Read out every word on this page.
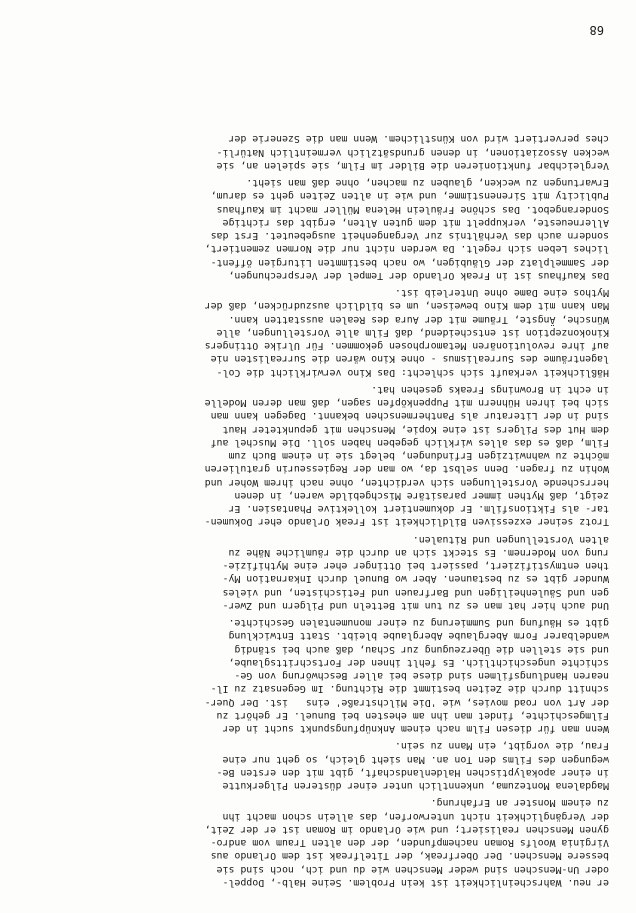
er neu. Wahrscheinlichkeit ist kein Problem. Seine Halb-, Doppel-
oder Un-Menschen sind weder Menschen wie du und ich, noch sind sie
bessere Menschen. Der Oberfreak, der Titelfreak ist dem Orlando aus
Virginia Woolfs Roman nachempfunden, der den alten Traum vom andro-
gynen Menschen realisiert; und wie Orlando im Roman ist er der Zeit,
der Vergänglichkeit nicht unterworfen, das allein schon macht ihn
zu einem Monster an Erfahrung.
Magdalena Montezuma, unkenntlich unter einer düsteren Pilgerkutte
in einer apokalyptischen Haldenlandschaft, gibt mit den ersten Be-
wegungen des Films den Ton an. Man sieht gleich, so geht nur eine
Frau, die vorgibt, ein Mann zu sein.
Wenn man für diesen Film nach einem Anknüpfungspunkt sucht in der
Filmgeschichte, findet man ihn am ehesten bei Bunuel. Er gehört zu
der Art von road movies, wie 'Die Milchstraße' eins   ist. Der Quer-
schnitt durch die Zeiten bestimmt die Richtung. Im Gegensatz zu Il-
nearen Handlungsfilmen sind diese bei aller Beschwörung von Ge-
schichte ungeschichtlich. Es fehlt ihnen der Fortschrittsglaube,
und sie stellen die Überzeugung zur Schau, daß auch bei ständig
wandelbarer Form Aberglaube Aberglaube bleibt. Statt Entwicklung
gibt es Häufung und Summierung zu einer monumentalen Geschichte.
Und auch hier hat man es zu tun mit Betteln und Pilgern und Zwer-
gen und Säulenheiligen und Barfrauen und Fetischisten, und vieles
Wunder gibt es zu bestaunen. Aber wo Bunuel durch Inkarnation My-
then entmystifiziert, passiert bei Ottinger eher eine Mythifizie-
rung von Modernem. Es steckt sich an durch die räumliche Nähe zu
alten Vorstellungen und Ritualen.
Trotz seiner exzessiven Bildlichkeit ist Freak Orlando eher Dokumen-
tar- als Fiktionsfilm. Er dokumentiert kollektive Phantasien. Er
zeigt, daß Mythen immer parasitäre Mischgebilde waren, in denen
herrschende Vorstellungen sich verdichten, ohne nach ihrem Woher und
Wohin zu fragen. Denn selbst da, wo man der Regiesseurin gratulieren
möchte zu wahnwitzigen Erfindungen, belegt sie in einem Buch zum
Film, daß es das alles wirklich gegeben haben soll. Die Muschel auf
dem Hut des Pilgers ist eine Kopie, Menschen mit gepunkteter Haut
sind in der Literatur als Panthermenschen bekannt. Dagegen kann man
sich bei ihren Hühnern mit Puppenköpfen sagen, daß man deren Modelle
in echt in Brownings Freaks gesehen hat.
Häßlichkeit verkauft sich schlecht: Das Kino verwirklicht die Col-
lagenträume des Surrealismus - ohne Kino wären die Surrealisten nie
auf ihre revolutionären Metamorphosen gekommen. Für Ulrike Ottingers
Kinokonzeption ist entscheidend, daß Film alle Vorstellungen, alle
Wünsche, Ängste, Träume mit der Aura des Realen ausstatten kann.
Man kann mit dem Kino beweisen, um es bildlich auszudrücken, daß der
Mythos eine Dame ohne Unterleib ist.
Das Kaufhaus ist in Freak Orlando der Tempel der Versprechungen,
der Sammelplatz der Gläubigen, wo nach bestimmten Liturgien öffent-
liches Leben sich regelt. Da werden nicht nur die Normen zementiert,
sondern auch das Verhältnis zur Vergangenheit ausgebeutet. Erst das
Allerneueste, verkuppelt mit dem guten Alten, ergibt das richtige
Sonderangebot. Das schöne Fräulein Helena Müller macht im Kaufhaus
Publicity mit Sirenenstimme, und wie in alten Zeiten geht es darum,
Erwartungen zu wecken, glauben zu machen, ohne daß man sieht.
Vergleichbar funktionieren die Bilder im Film, sie spielen an, sie
wecken Assoziationen, in denen grundsätzlich vermeintlich Natürli-
ches pervertiert wird von Künstlichem. Wenn man die Szenerie der
68
